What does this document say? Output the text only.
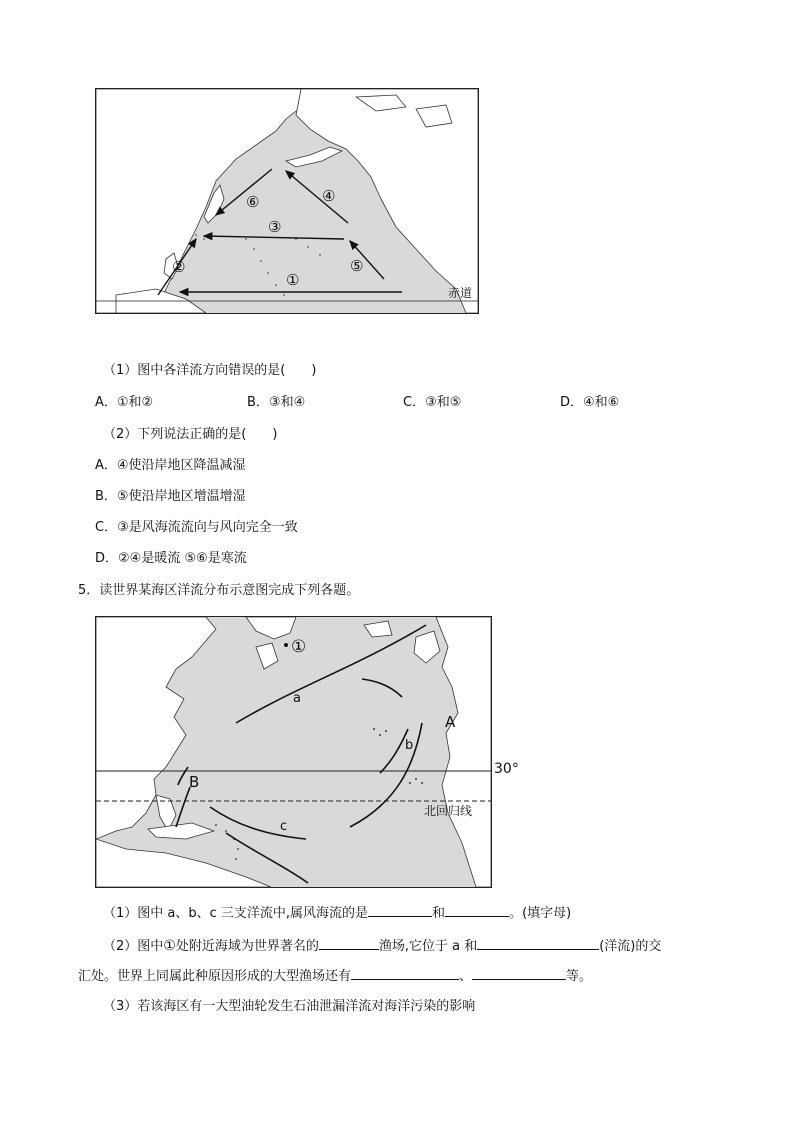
赤道
①
②
③
④
⑤
⑥
（1）图中各洋流方向错误的是(　　)
A．①和②	B．③和④	C．③和⑤	D．④和⑥
（2）下列说法正确的是(　　)
A．④使沿岸地区降温减湿
B．⑤使沿岸地区增温增湿
C．③是风海流流向与风向完全一致
D．②④是暖流 ⑤⑥是寒流
5．读世界某海区洋流分布示意图完成下列各题。
①
a
b
c
A
B
北回归线
30°
（1）图中 a、b、c 三支洋流中,属风海流的是	和	。(填字母)
（2）图中①处附近海域为世界著名的	渔场,它位于 a 和	(洋流)的交
汇处。世界上同属此种原因形成的大型渔场还有	、	等。
（3）若该海区有一大型油轮发生石油泄漏洋流对海洋污染的影响
